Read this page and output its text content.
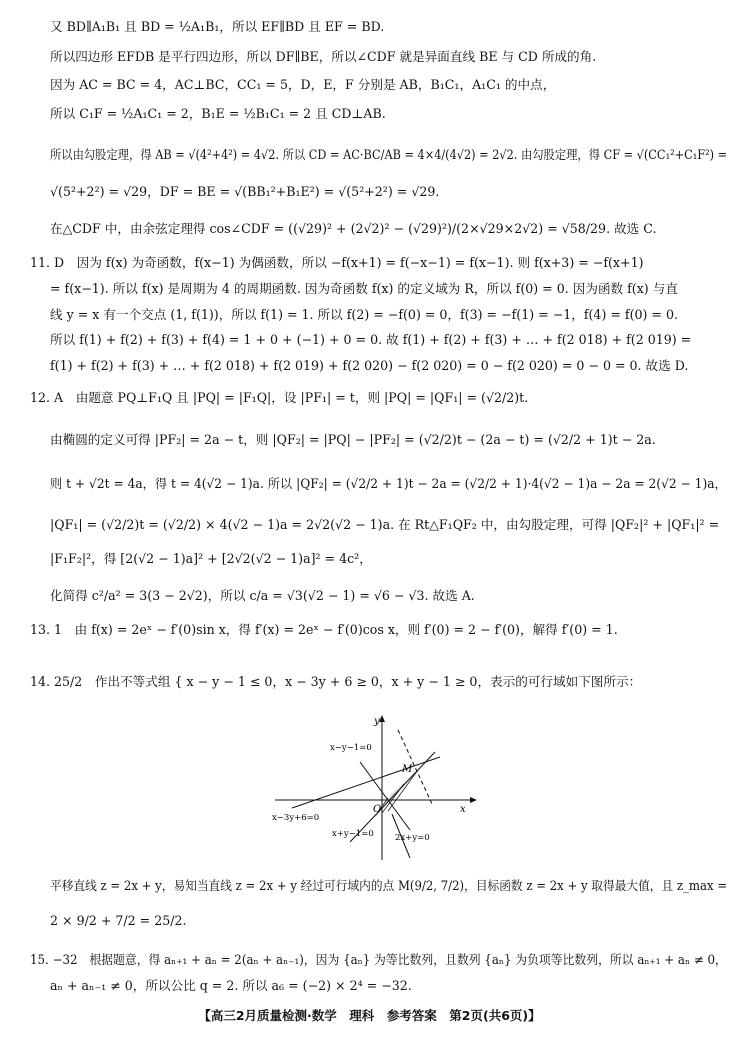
又 BD∥A₁B₁ 且 BD = ½A₁B₁，所以 EF∥BD 且 EF = BD.
所以四边形 EFDB 是平行四边形，所以 DF∥BE，所以∠CDF 就是异面直线 BE 与 CD 所成的角.
因为 AC = BC = 4，AC⊥BC，CC₁ = 5，D，E，F 分别是 AB，B₁C₁，A₁C₁ 的中点，
所以 C₁F = ½A₁C₁ = 2，B₁E = ½B₁C₁ = 2 且 CD⊥AB.
所以由勾股定理，得 AB = √(4²+4²) = 4√2. 所以 CD = AC·BC/AB = 4×4/(4√2) = 2√2. 由勾股定理，得 CF = √(CC₁²+C₁F²) =
√(5²+2²) = √29，DF = BE = √(BB₁²+B₁E²) = √(5²+2²) = √29.
在△CDF 中，由余弦定理得 cos∠CDF = ((√29)² + (2√2)² − (√29)²)/(2×√29×2√2) = √58/29. 故选 C.
11. D　因为 f(x) 为奇函数，f(x−1) 为偶函数，所以 −f(x+1) = f(−x−1) = f(x−1). 则 f(x+3) = −f(x+1)
= f(x−1). 所以 f(x) 是周期为 4 的周期函数. 因为奇函数 f(x) 的定义域为 R，所以 f(0) = 0. 因为函数 f(x) 与直
线 y = x 有一个交点 (1, f(1))，所以 f(1) = 1. 所以 f(2) = −f(0) = 0，f(3) = −f(1) = −1，f(4) = f(0) = 0.
所以 f(1) + f(2) + f(3) + f(4) = 1 + 0 + (−1) + 0 = 0. 故 f(1) + f(2) + f(3) + … + f(2 018) + f(2 019) =
f(1) + f(2) + f(3) + … + f(2 018) + f(2 019) + f(2 020) − f(2 020) = 0 − f(2 020) = 0 − 0 = 0. 故选 D.
12. A　由题意 PQ⊥F₁Q 且 |PQ| = |F₁Q|，设 |PF₁| = t，则 |PQ| = |QF₁| = (√2/2)t.
由椭圆的定义可得 |PF₂| = 2a − t，则 |QF₂| = |PQ| − |PF₂| = (√2/2)t − (2a − t) = (√2/2 + 1)t − 2a.
则 t + √2t = 4a，得 t = 4(√2 − 1)a. 所以 |QF₂| = (√2/2 + 1)t − 2a = (√2/2 + 1)·4(√2 − 1)a − 2a = 2(√2 − 1)a，
|QF₁| = (√2/2)t = (√2/2) × 4(√2 − 1)a = 2√2(√2 − 1)a. 在 Rt△F₁QF₂ 中，由勾股定理，可得 |QF₂|² + |QF₁|² =
|F₁F₂|²，得 [2(√2 − 1)a]² + [2√2(√2 − 1)a]² = 4c²，
化简得 c²/a² = 3(3 − 2√2)，所以 c/a = √3(√2 − 1) = √6 − √3. 故选 A.
13. 1　由 f(x) = 2eˣ − f′(0)sin x，得 f′(x) = 2eˣ − f′(0)cos x，则 f′(0) = 2 − f′(0)，解得 f′(0) = 1.
14. 25/2　作出不等式组 { x − y − 1 ≤ 0，x − 3y + 6 ≥ 0，x + y − 1 ≥ 0，表示的可行域如下图所示：
y
x
O
M
x−y−1=0
x−3y+6=0
x+y−1=0 2x+y=0
平移直线 z = 2x + y，易知当直线 z = 2x + y 经过可行域内的点 M(9/2, 7/2)，目标函数 z = 2x + y 取得最大值，且 z_max =
2 × 9/2 + 7/2 = 25/2.
15. −32　根据题意，得 aₙ₊₁ + aₙ = 2(aₙ + aₙ₋₁)，因为 {aₙ} 为等比数列，且数列 {aₙ} 为负项等比数列，所以 aₙ₊₁ + aₙ ≠ 0，
aₙ + aₙ₋₁ ≠ 0，所以公比 q = 2. 所以 a₆ = (−2) × 2⁴ = −32.
【高三2月质量检测·数学　理科　参考答案　第2页(共6页)】
